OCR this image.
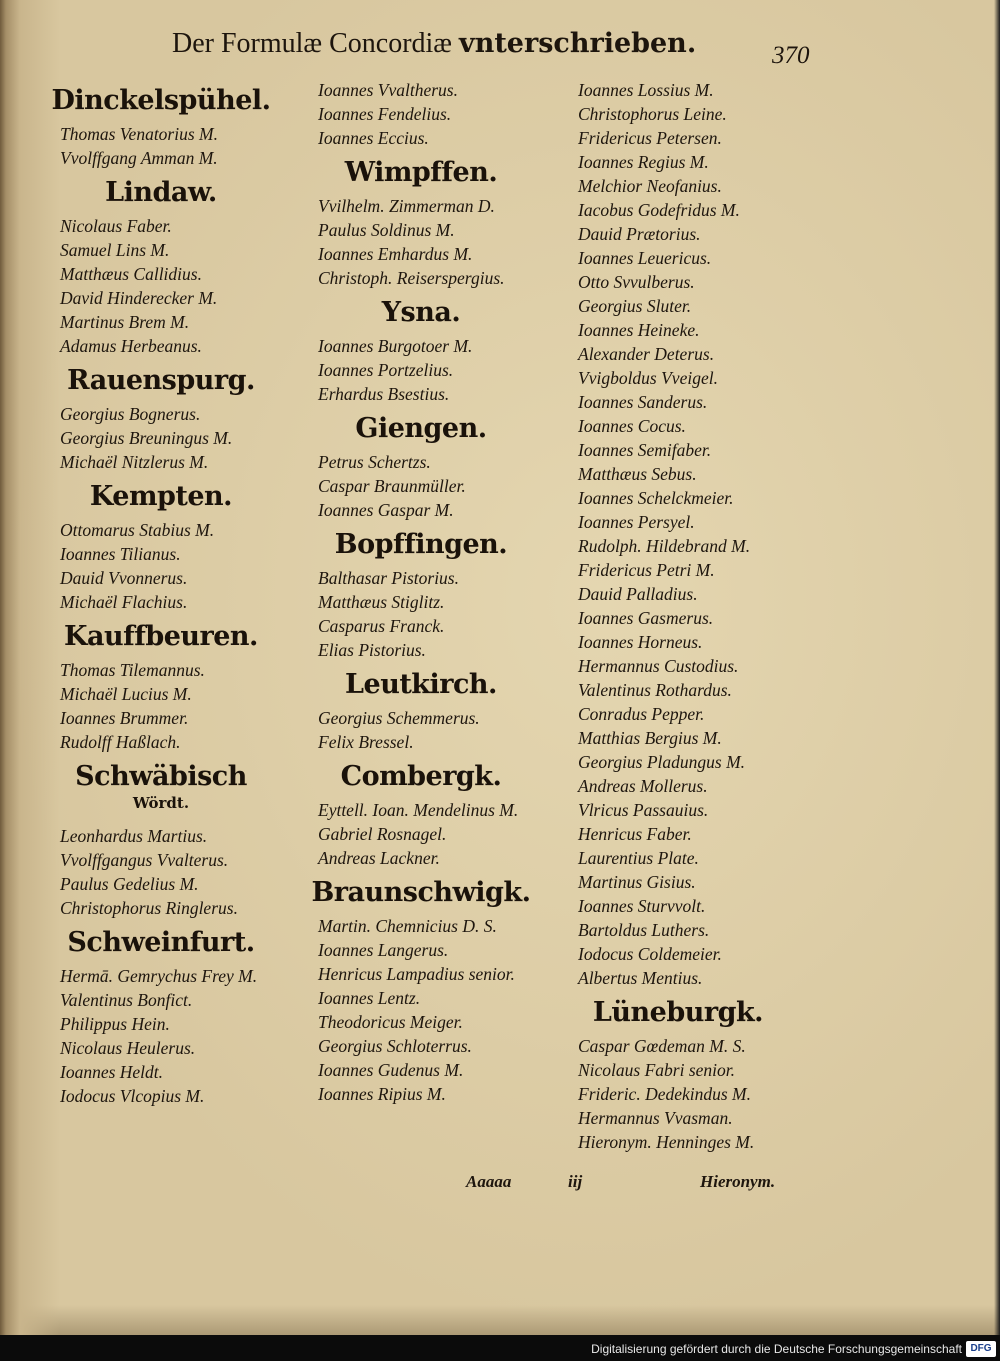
Der Formulæ Concordiæ vnterschrieben.	370
Dinckelspühel.
Thomas Venatorius M.
Vvolffgang Amman M.
Lindaw.
Nicolaus Faber.
Samuel Lins M.
Matthæus Callidius.
David Hinderecker M.
Martinus Brem M.
Adamus Herbeanus.
Rauenspurg.
Georgius Bognerus.
Georgius Breuningus M.
Michaël Nitzlerus M.
Kempten.
Ottomarus Stabius M.
Ioannes Tilianus.
Dauid Vvonnerus.
Michaël Flachius.
Kauffbeuren.
Thomas Tilemannus.
Michaël Lucius M.
Ioannes Brummer.
Rudolff Haßlach.
Schwäbisch
Wördt.
Leonhardus Martius.
Vvolffgangus Vvalterus.
Paulus Gedelius M.
Christophorus Ringlerus.
Schweinfurt.
Hermā. Gemrychus Frey M.
Valentinus Bonfict.
Philippus Hein.
Nicolaus Heulerus.
Ioannes Heldt.
Iodocus Vlcopius M.
Ioannes Vvaltherus.
Ioannes Fendelius.
Ioannes Eccius.
Wimpffen.
Vvilhelm. Zimmerman D.
Paulus Soldinus M.
Ioannes Emhardus M.
Christoph. Reiserspergius.
Ysna.
Ioannes Burgotoer M.
Ioannes Portzelius.
Erhardus Bsestius.
Giengen.
Petrus Schertzs.
Caspar Braunmüller.
Ioannes Gaspar M.
Bopffingen.
Balthasar Pistorius.
Matthæus Stiglitz.
Casparus Franck.
Elias Pistorius.
Leutkirch.
Georgius Schemmerus.
Felix Bressel.
Combergk.
Eyttell. Ioan. Mendelinus M.
Gabriel Rosnagel.
Andreas Lackner.
Braunschwigk.
Martin. Chemnicius D. S.
Ioannes Langerus.
Henricus Lampadius senior.
Ioannes Lentz.
Theodoricus Meiger.
Georgius Schloterrus.
Ioannes Gudenus M.
Ioannes Ripius M.
Ioannes Lossius M.
Christophorus Leine.
Fridericus Petersen.
Ioannes Regius M.
Melchior Neofanius.
Iacobus Godefridus M.
Dauid Prætorius.
Ioannes Leuericus.
Otto Svvulberus.
Georgius Sluter.
Ioannes Heineke.
Alexander Deterus.
Vvigboldus Vveigel.
Ioannes Sanderus.
Ioannes Cocus.
Ioannes Semifaber.
Matthæus Sebus.
Ioannes Schelckmeier.
Ioannes Persyel.
Rudolph. Hildebrand M.
Fridericus Petri M.
Dauid Palladius.
Ioannes Gasmerus.
Ioannes Horneus.
Hermannus Custodius.
Valentinus Rothardus.
Conradus Pepper.
Matthias Bergius M.
Georgius Pladungus M.
Andreas Mollerus.
Vlricus Passauius.
Henricus Faber.
Laurentius Plate.
Martinus Gisius.
Ioannes Sturvvolt.
Bartoldus Luthers.
Iodocus Coldemeier.
Albertus Mentius.
Lüneburgk.
Caspar Gœdeman M. S.
Nicolaus Fabri senior.
Frideric. Dedekindus M.
Hermannus Vvasman.
Hieronym. Henninges M.
Aaaaa	iij	Hieronym.
Digitalisierung gefördert durch die Deutsche Forschungsgemeinschaft DFG
